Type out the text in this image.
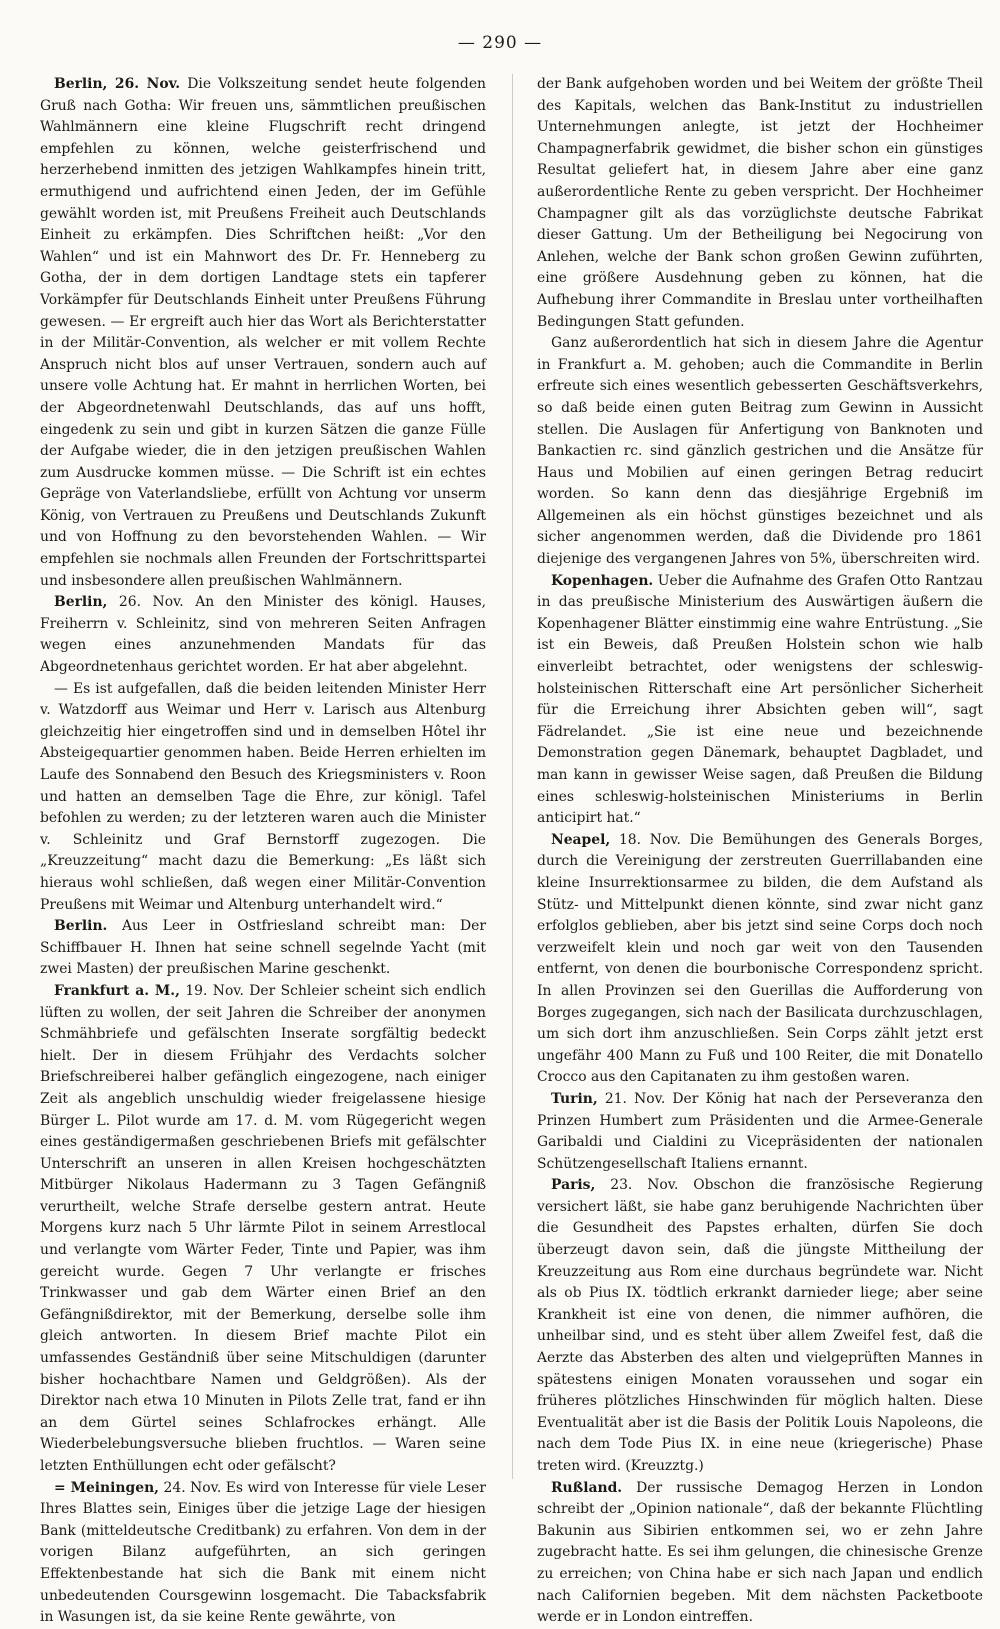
— 290 —

Berlin, 26. Nov. Die Volkszeitung sendet heute folgenden Gruß nach Gotha: Wir freuen uns, sämmtlichen preußischen Wahlmännern eine kleine Flugschrift recht dringend empfehlen zu können, welche geisterfrischend und herzerhebend inmitten des jetzigen Wahlkampfes hinein tritt, ermuthigend und aufrichtend einen Jeden, der im Gefühle gewählt worden ist, mit Preußens Freiheit auch Deutschlands Einheit zu erkämpfen. Dies Schriftchen heißt: „Vor den Wahlen“ und ist ein Mahnwort des Dr. Fr. Henneberg zu Gotha, der in dem dortigen Landtage stets ein tapferer Vorkämpfer für Deutschlands Einheit unter Preußens Führung gewesen. — Er ergreift auch hier das Wort als Berichterstatter in der Militär-Convention, als welcher er mit vollem Rechte Anspruch nicht blos auf unser Vertrauen, sondern auch auf unsere volle Achtung hat. Er mahnt in herrlichen Worten, bei der Abgeordnetenwahl Deutschlands, das auf uns hofft, eingedenk zu sein und gibt in kurzen Sätzen die ganze Fülle der Aufgabe wieder, die in den jetzigen preußischen Wahlen zum Ausdrucke kommen müsse. — Die Schrift ist ein echtes Gepräge von Vaterlandsliebe, erfüllt von Achtung vor unserm König, von Vertrauen zu Preußens und Deutschlands Zukunft und von Hoffnung zu den bevorstehenden Wahlen. — Wir empfehlen sie nochmals allen Freunden der Fortschrittspartei und insbesondere allen preußischen Wahlmännern.

Berlin, 26. Nov. An den Minister des königl. Hauses, Freiherrn v. Schleinitz, sind von mehreren Seiten Anfragen wegen eines anzunehmenden Mandats für das Abgeordnetenhaus gerichtet worden. Er hat aber abgelehnt.

— Es ist aufgefallen, daß die beiden leitenden Minister Herr v. Watzdorff aus Weimar und Herr v. Larisch aus Altenburg gleichzeitig hier eingetroffen sind und in demselben Hôtel ihr Absteigequartier genommen haben. Beide Herren erhielten im Laufe des Sonnabend den Besuch des Kriegsministers v. Roon und hatten an demselben Tage die Ehre, zur königl. Tafel befohlen zu werden; zu der letzteren waren auch die Minister v. Schleinitz und Graf Bernstorff zugezogen. Die „Kreuzzeitung“ macht dazu die Bemerkung: „Es läßt sich hieraus wohl schließen, daß wegen einer Militär-Convention Preußens mit Weimar und Altenburg unterhandelt wird.“

Berlin. Aus Leer in Ostfriesland schreibt man: Der Schiffbauer H. Ihnen hat seine schnell segelnde Yacht (mit zwei Masten) der preußischen Marine geschenkt.

Frankfurt a. M., 19. Nov. Der Schleier scheint sich endlich lüften zu wollen, der seit Jahren die Schreiber der anonymen Schmähbriefe und gefälschten Inserate sorgfältig bedeckt hielt. Der in diesem Frühjahr des Verdachts solcher Briefschreiberei halber gefänglich eingezogene, nach einiger Zeit als angeblich unschuldig wieder freigelassene hiesige Bürger L. Pilot wurde am 17. d. M. vom Rügegericht wegen eines geständigermaßen geschriebenen Briefs mit gefälschter Unterschrift an unseren in allen Kreisen hochgeschätzten Mitbürger Nikolaus Hadermann zu 3 Tagen Gefängniß verurtheilt, welche Strafe derselbe gestern antrat. Heute Morgens kurz nach 5 Uhr lärmte Pilot in seinem Arrestlocal und verlangte vom Wärter Feder, Tinte und Papier, was ihm gereicht wurde. Gegen 7 Uhr verlangte er frisches Trinkwasser und gab dem Wärter einen Brief an den Gefängnißdirektor, mit der Bemerkung, derselbe solle ihm gleich antworten. In diesem Brief machte Pilot ein umfassendes Geständniß über seine Mitschuldigen (darunter bisher hochachtbare Namen und Geldgrößen). Als der Direktor nach etwa 10 Minuten in Pilots Zelle trat, fand er ihn an dem Gürtel seines Schlafrockes erhängt. Alle Wiederbelebungsversuche blieben fruchtlos. — Waren seine letzten Enthüllungen echt oder gefälscht?

= Meiningen, 24. Nov. Es wird von Interesse für viele Leser Ihres Blattes sein, Einiges über die jetzige Lage der hiesigen Bank (mitteldeutsche Creditbank) zu erfahren. Von dem in der vorigen Bilanz aufgeführten, an sich geringen Effektenbestande hat sich die Bank mit einem nicht unbedeutenden Coursgewinn losgemacht. Die Tabacksfabrik in Wasungen ist, da sie keine Rente gewährte, von

der Bank aufgehoben worden und bei Weitem der größte Theil des Kapitals, welchen das Bank-Institut zu industriellen Unternehmungen anlegte, ist jetzt der Hochheimer Champagnerfabrik gewidmet, die bisher schon ein günstiges Resultat geliefert hat, in diesem Jahre aber eine ganz außerordentliche Rente zu geben verspricht. Der Hochheimer Champagner gilt als das vorzüglichste deutsche Fabrikat dieser Gattung. Um der Betheiligung bei Negocirung von Anlehen, welche der Bank schon großen Gewinn zuführten, eine größere Ausdehnung geben zu können, hat die Aufhebung ihrer Commandite in Breslau unter vortheilhaften Bedingungen Statt gefunden.

Ganz außerordentlich hat sich in diesem Jahre die Agentur in Frankfurt a. M. gehoben; auch die Commandite in Berlin erfreute sich eines wesentlich gebesserten Geschäftsverkehrs, so daß beide einen guten Beitrag zum Gewinn in Aussicht stellen. Die Auslagen für Anfertigung von Banknoten und Bankactien rc. sind gänzlich gestrichen und die Ansätze für Haus und Mobilien auf einen geringen Betrag reducirt worden. So kann denn das diesjährige Ergebniß im Allgemeinen als ein höchst günstiges bezeichnet und als sicher angenommen werden, daß die Dividende pro 1861 diejenige des vergangenen Jahres von 5%, überschreiten wird.

Kopenhagen. Ueber die Aufnahme des Grafen Otto Rantzau in das preußische Ministerium des Auswärtigen äußern die Kopenhagener Blätter einstimmig eine wahre Entrüstung. „Sie ist ein Beweis, daß Preußen Holstein schon wie halb einverleibt betrachtet, oder wenigstens der schleswig-holsteinischen Ritterschaft eine Art persönlicher Sicherheit für die Erreichung ihrer Absichten geben will“, sagt Fädrelandet. „Sie ist eine neue und bezeichnende Demonstration gegen Dänemark, behauptet Dagbladet, und man kann in gewisser Weise sagen, daß Preußen die Bildung eines schleswig-holsteinischen Ministeriums in Berlin anticipirt hat.“

Neapel, 18. Nov. Die Bemühungen des Generals Borges, durch die Vereinigung der zerstreuten Guerrillabanden eine kleine Insurrektionsarmee zu bilden, die dem Aufstand als Stütz- und Mittelpunkt dienen könnte, sind zwar nicht ganz erfolglos geblieben, aber bis jetzt sind seine Corps doch noch verzweifelt klein und noch gar weit von den Tausenden entfernt, von denen die bourbonische Correspondenz spricht. In allen Provinzen sei den Guerillas die Aufforderung von Borges zugegangen, sich nach der Basilicata durchzuschlagen, um sich dort ihm anzuschließen. Sein Corps zählt jetzt erst ungefähr 400 Mann zu Fuß und 100 Reiter, die mit Donatello Crocco aus den Capitanaten zu ihm gestoßen waren.

Turin, 21. Nov. Der König hat nach der Perseveranza den Prinzen Humbert zum Präsidenten und die Armee-Generale Garibaldi und Cialdini zu Vicepräsidenten der nationalen Schützengesellschaft Italiens ernannt.

Paris, 23. Nov. Obschon die französische Regierung versichert läßt, sie habe ganz beruhigende Nachrichten über die Gesundheit des Papstes erhalten, dürfen Sie doch überzeugt davon sein, daß die jüngste Mittheilung der Kreuzzeitung aus Rom eine durchaus begründete war. Nicht als ob Pius IX. tödtlich erkrankt darnieder liege; aber seine Krankheit ist eine von denen, die nimmer aufhören, die unheilbar sind, und es steht über allem Zweifel fest, daß die Aerzte das Absterben des alten und vielgeprüften Mannes in spätestens einigen Monaten voraussehen und sogar ein früheres plötzliches Hinschwinden für möglich halten. Diese Eventualität aber ist die Basis der Politik Louis Napoleons, die nach dem Tode Pius IX. in eine neue (kriegerische) Phase treten wird. (Kreuzztg.)

Rußland. Der russische Demagog Herzen in London schreibt der „Opinion nationale“, daß der bekannte Flüchtling Bakunin aus Sibirien entkommen sei, wo er zehn Jahre zugebracht hatte. Es sei ihm gelungen, die chinesische Grenze zu erreichen; von China habe er sich nach Japan und endlich nach Californien begeben. Mit dem nächsten Packetboote werde er in London eintreffen.
